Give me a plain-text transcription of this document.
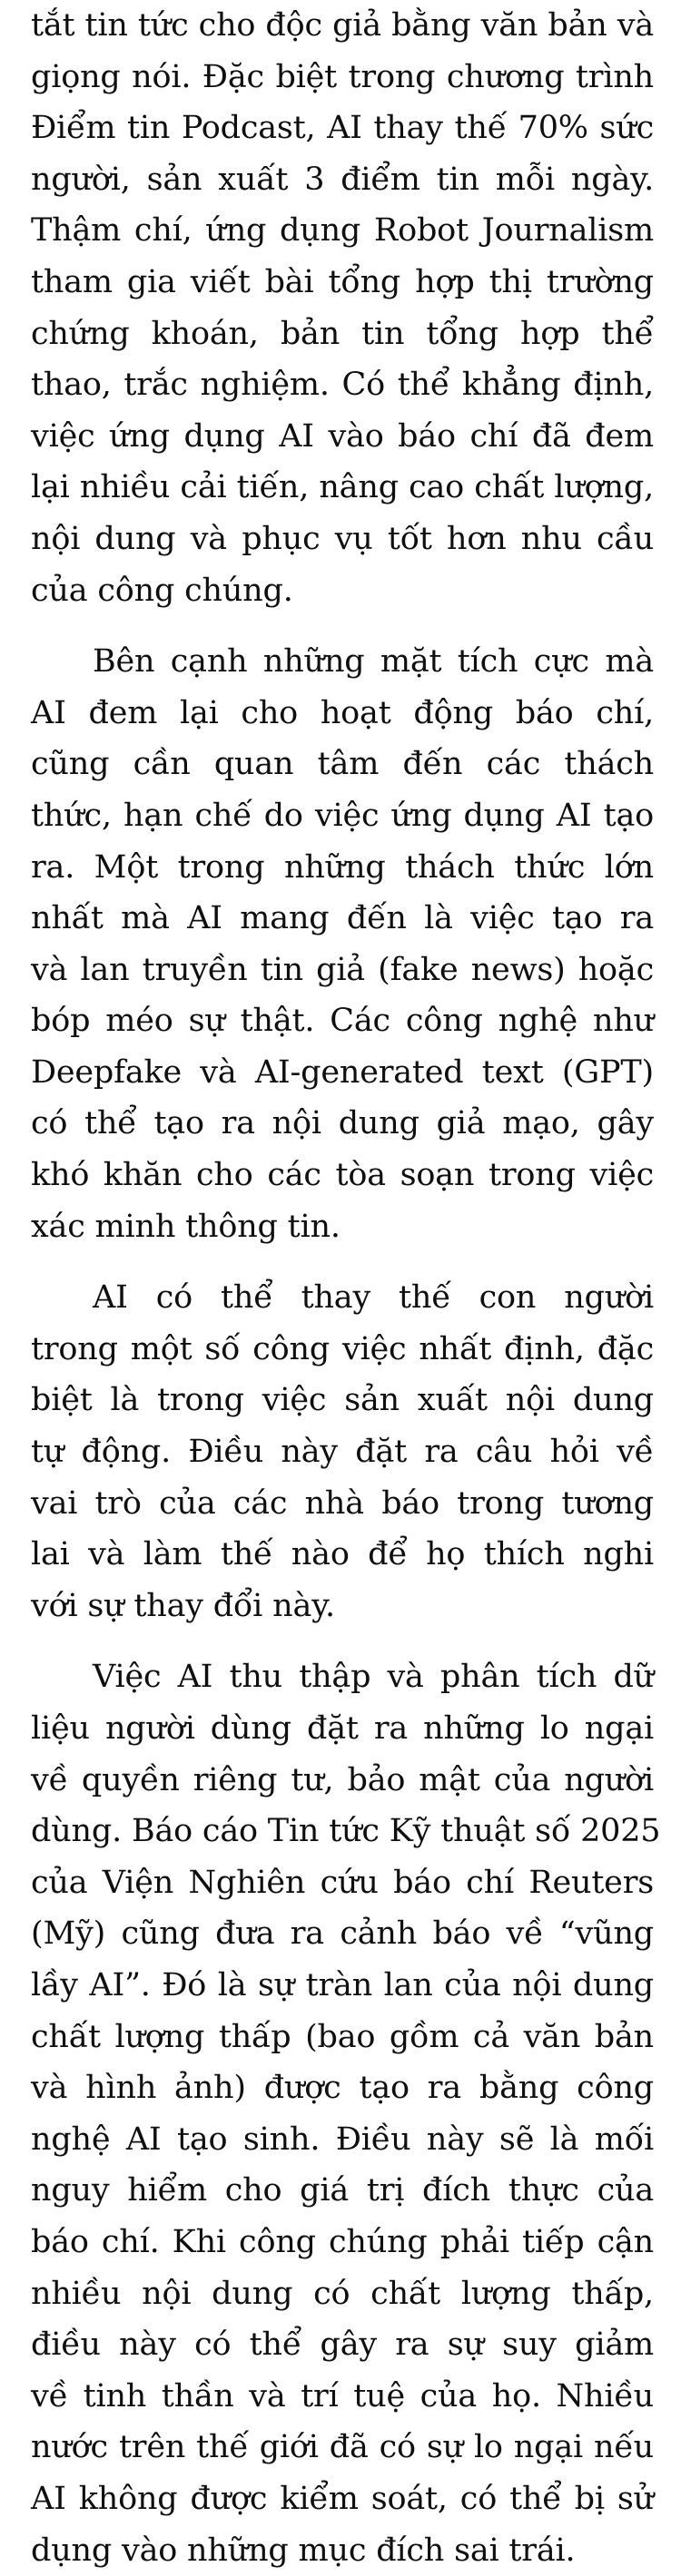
tắt tin tức cho độc giả bằng văn bản và
giọng nói. Đặc biệt trong chương trình
Điểm tin Podcast, AI thay thế 70% sức
người, sản xuất 3 điểm tin mỗi ngày.
Thậm chí, ứng dụng Robot Journalism
tham gia viết bài tổng hợp thị trường
chứng khoán, bản tin tổng hợp thể
thao, trắc nghiệm. Có thể khẳng định,
việc ứng dụng AI vào báo chí đã đem
lại nhiều cải tiến, nâng cao chất lượng,
nội dung và phục vụ tốt hơn nhu cầu
của công chúng.
Bên cạnh những mặt tích cực mà
AI đem lại cho hoạt động báo chí,
cũng cần quan tâm đến các thách
thức, hạn chế do việc ứng dụng AI tạo
ra. Một trong những thách thức lớn
nhất mà AI mang đến là việc tạo ra
và lan truyền tin giả (fake news) hoặc
bóp méo sự thật. Các công nghệ như
Deepfake và AI-generated text (GPT)
có thể tạo ra nội dung giả mạo, gây
khó khăn cho các tòa soạn trong việc
xác minh thông tin.
AI có thể thay thế con người
trong một số công việc nhất định, đặc
biệt là trong việc sản xuất nội dung
tự động. Điều này đặt ra câu hỏi về
vai trò của các nhà báo trong tương
lai và làm thế nào để họ thích nghi
với sự thay đổi này.
Việc AI thu thập và phân tích dữ
liệu người dùng đặt ra những lo ngại
về quyền riêng tư, bảo mật của người
dùng. Báo cáo Tin tức Kỹ thuật số 2025
của Viện Nghiên cứu báo chí Reuters
(Mỹ) cũng đưa ra cảnh báo về “vũng
lầy AI”. Đó là sự tràn lan của nội dung
chất lượng thấp (bao gồm cả văn bản
và hình ảnh) được tạo ra bằng công
nghệ AI tạo sinh. Điều này sẽ là mối
nguy hiểm cho giá trị đích thực của
báo chí. Khi công chúng phải tiếp cận
nhiều nội dung có chất lượng thấp,
điều này có thể gây ra sự suy giảm
về tinh thần và trí tuệ của họ. Nhiều
nước trên thế giới đã có sự lo ngại nếu
AI không được kiểm soát, có thể bị sử
dụng vào những mục đích sai trái.
